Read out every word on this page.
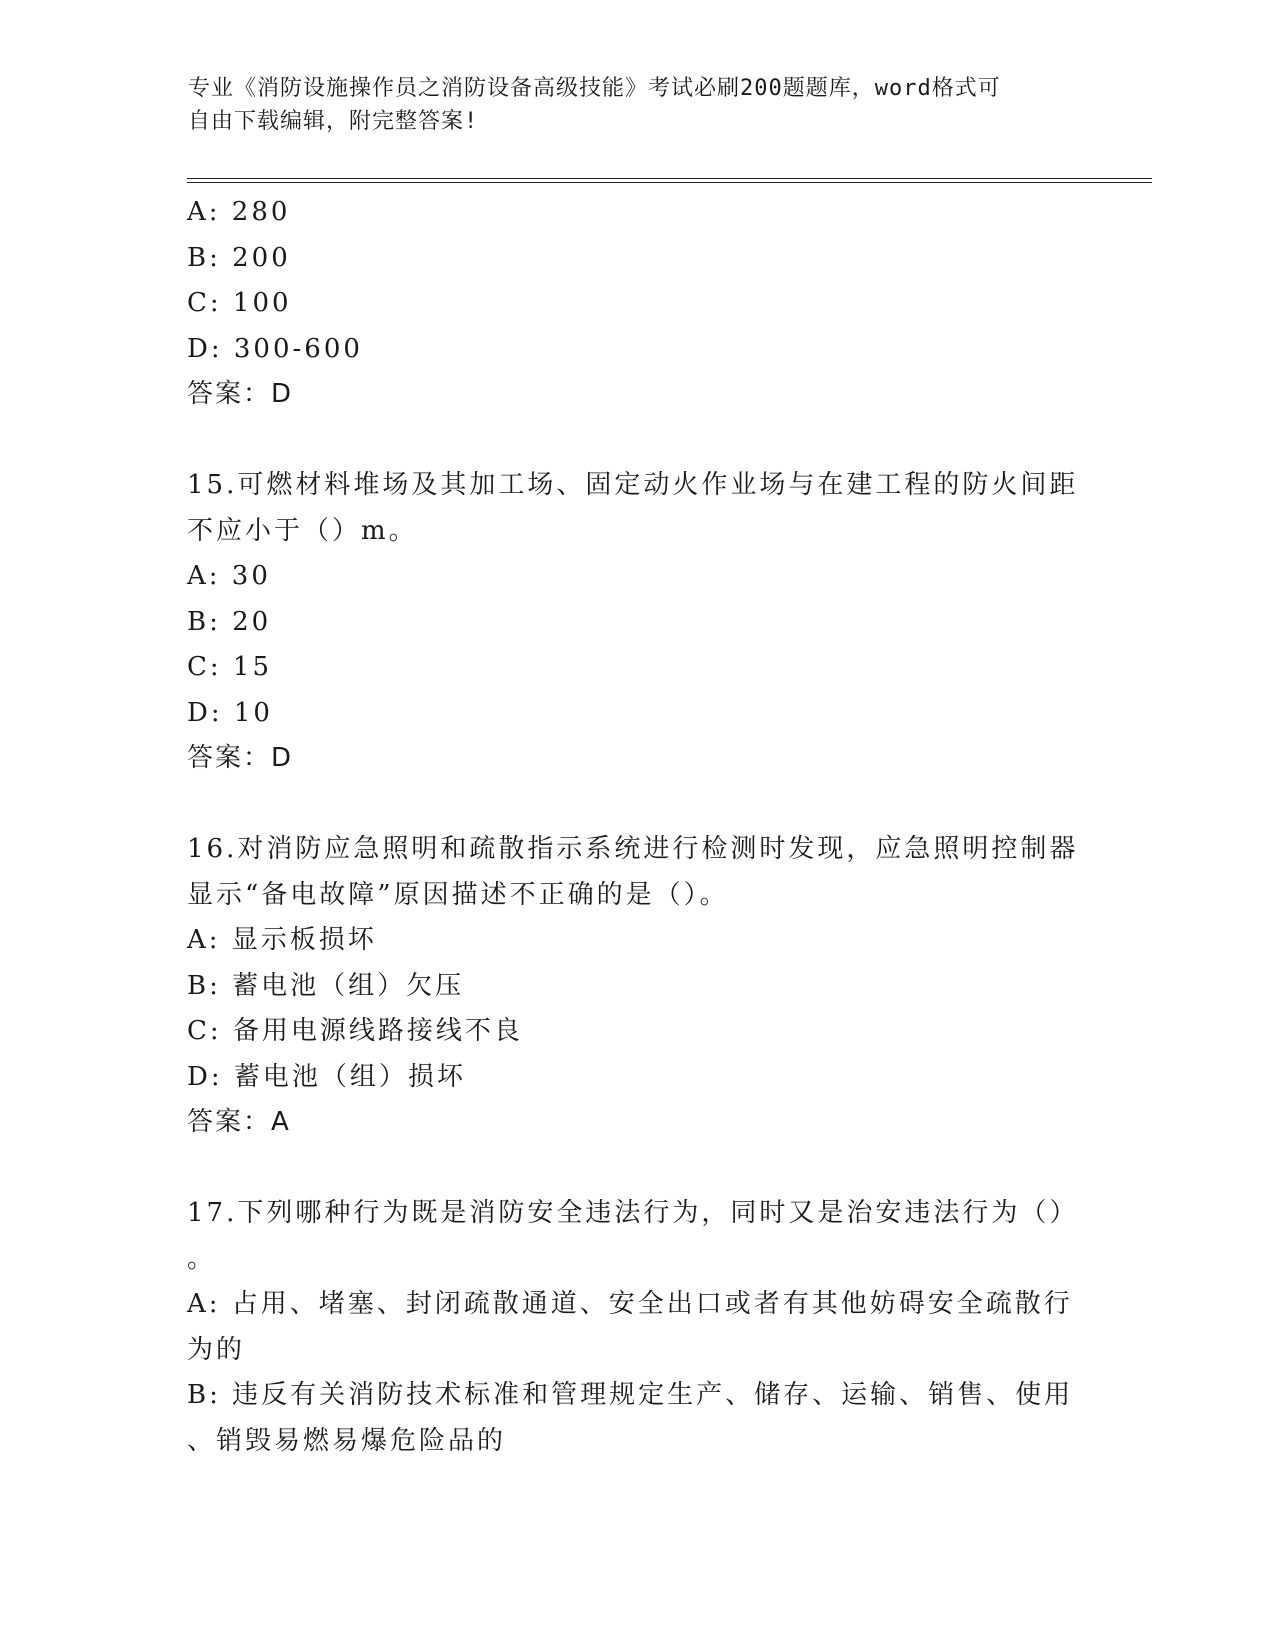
专业《消防设施操作员之消防设备高级技能》考试必刷200题题库，word格式可
自由下载编辑，附完整答案!
A: 280
B: 200
C: 100
D: 300-600
答案：D
15.可燃材料堆场及其加工场、固定动火作业场与在建工程的防火间距
不应小于（）m。
A: 30
B: 20
C: 15
D: 10
答案：D
16.对消防应急照明和疏散指示系统进行检测时发现，应急照明控制器
显示“备电故障”原因描述不正确的是（）。
A: 显示板损坏
B: 蓄电池（组）欠压
C: 备用电源线路接线不良
D: 蓄电池（组）损坏
答案：A
17.下列哪种行为既是消防安全违法行为，同时又是治安违法行为（）
。
A: 占用、堵塞、封闭疏散通道、安全出口或者有其他妨碍安全疏散行
为的
B: 违反有关消防技术标准和管理规定生产、储存、运输、销售、使用
、销毁易燃易爆危险品的
